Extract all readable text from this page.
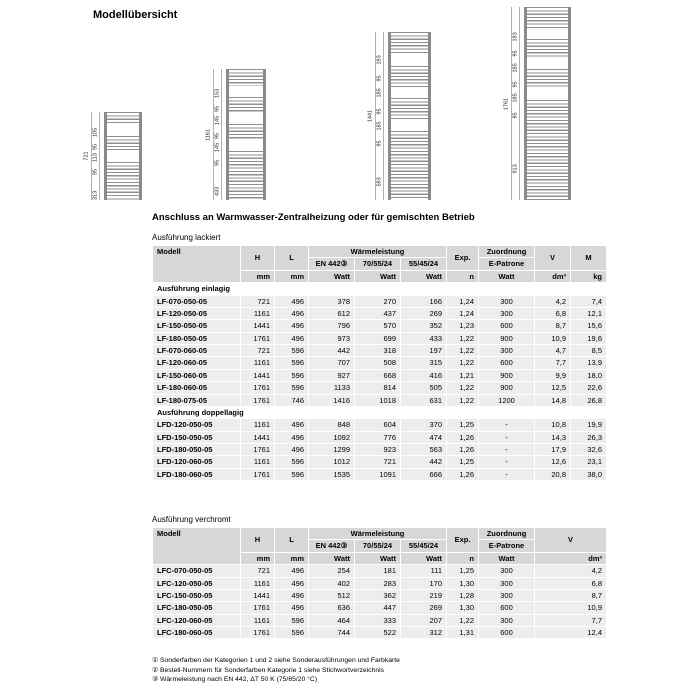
Modellübersicht
105
95
113
95
313
721
153
95
145
95
145
95
433
1161
193
95
185
95
185
95
593
1441
193
95
185
95
185
95
913
1761
Anschluss an Warmwasser-Zentralheizung oder für gemischten Betrieb
Ausführung lackiert
Modell	H	L	Wärmeleistung			Exp.	Zuordnung	V	M
			EN 442③	70/55/24	55/45/24		E-Patrone		
	mm	mm	Watt	Watt	Watt	n	Watt	dm³	kg
Ausführung einlagig									
LF-070-050-05	721	496	378	270	166	1,24	300	4,2	7,4
LF-120-050-05	1161	496	612	437	269	1,24	300	6,8	12,1
LF-150-050-05	1441	496	796	570	352	1,23	600	8,7	15,6
LF-180-050-05	1761	496	973	699	433	1,22	900	10,9	19,6
LF-070-060-05	721	596	442	318	197	1,22	300	4,7	8,5
LF-120-060-05	1161	596	707	508	315	1,22	600	7,7	13,9
LF-150-060-05	1441	596	927	668	416	1,21	900	9,9	18,0
LF-180-060-05	1761	596	1133	814	505	1,22	900	12,5	22,6
LF-180-075-05	1761	746	1416	1018	631	1,22	1200	14,8	26,8
Ausführung doppellagig									
LFD-120-050-05	1161	496	848	604	370	1,25	-	10,8	19,9
LFD-150-050-05	1441	496	1092	776	474	1,26	-	14,3	26,3
LFD-180-050-05	1761	496	1299	923	563	1,26	-	17,9	32,6
LFD-120-060-05	1161	596	1012	721	442	1,25	-	12,6	23,1
LFD-180-060-05	1761	596	1535	1091	666	1,26	-	20,8	38,0
Ausführung verchromt
Modell	H	L	Wärmeleistung			Exp.	Zuordnung	V
			EN 442③	70/55/24	55/45/24		E-Patrone	
	mm	mm	Watt	Watt	Watt	n	Watt	dm³
LFC-070-050-05	721	496	254	181	111	1,25	300	4,2
LFC-120-050-05	1161	496	402	283	170	1,30	300	6,8
LFC-150-050-05	1441	496	512	362	219	1,28	300	8,7
LFC-180-050-05	1761	496	636	447	269	1,30	600	10,9
LFC-120-060-05	1161	596	464	333	207	1,22	300	7,7
LFC-180-060-05	1761	596	744	522	312	1,31	600	12,4
① Sonderfarben der Kategorien 1 und 2 siehe Sonderausführungen und Farbkarte
② Bestell-Nummern für Sonderfarben Kategorie 1 siehe Stichwortverzeichnis
③ Wärmeleistung nach EN 442, ΔT 50 K (75/65/20 °C)
